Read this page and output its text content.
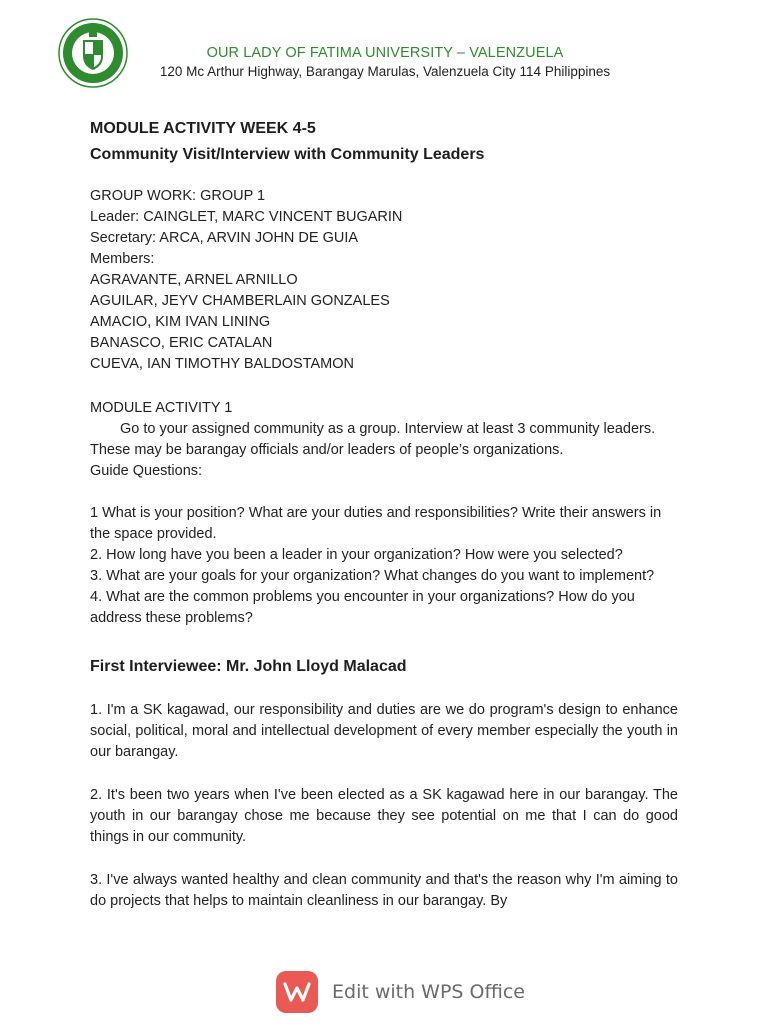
OUR LADY OF FATIMA UNIVERSITY – VALENZUELA
120 Mc Arthur Highway, Barangay Marulas, Valenzuela City 114 Philippines

MODULE ACTIVITY WEEK 4-5

Community Visit/Interview with Community Leaders

GROUP WORK: GROUP 1

Leader: CAINGLET, MARC VINCENT BUGARIN

Secretary: ARCA, ARVIN JOHN DE GUIA

Members:

AGRAVANTE, ARNEL ARNILLO

AGUILAR, JEYV CHAMBERLAIN GONZALES

AMACIO, KIM IVAN LINING

BANASCO, ERIC CATALAN

CUEVA, IAN TIMOTHY BALDOSTAMON

MODULE ACTIVITY 1

Go to your assigned community as a group. Interview at least 3 community leaders. These may be barangay officials and/or leaders of people’s organizations.

Guide Questions:

1 What is your position? What are your duties and responsibilities? Write their answers in the space provided.

2. How long have you been a leader in your organization? How were you selected?

3. What are your goals for your organization? What changes do you want to implement?

4. What are the common problems you encounter in your organizations? How do you address these problems?

First Interviewee: Mr. John Lloyd Malacad
1. I'm a SK kagawad, our responsibility and duties are we do program's design to enhance social, political, moral and intellectual development of every member especially the youth in our barangay.
2. It's been two years when I've been elected as a SK kagawad here in our barangay. The youth in our barangay chose me because they see potential on me that I can do good things in our community.
3. I've always wanted healthy and clean community and that's the reason why I'm aiming to do projects that helps to maintain cleanliness in our barangay. By
Edit with WPS Office
